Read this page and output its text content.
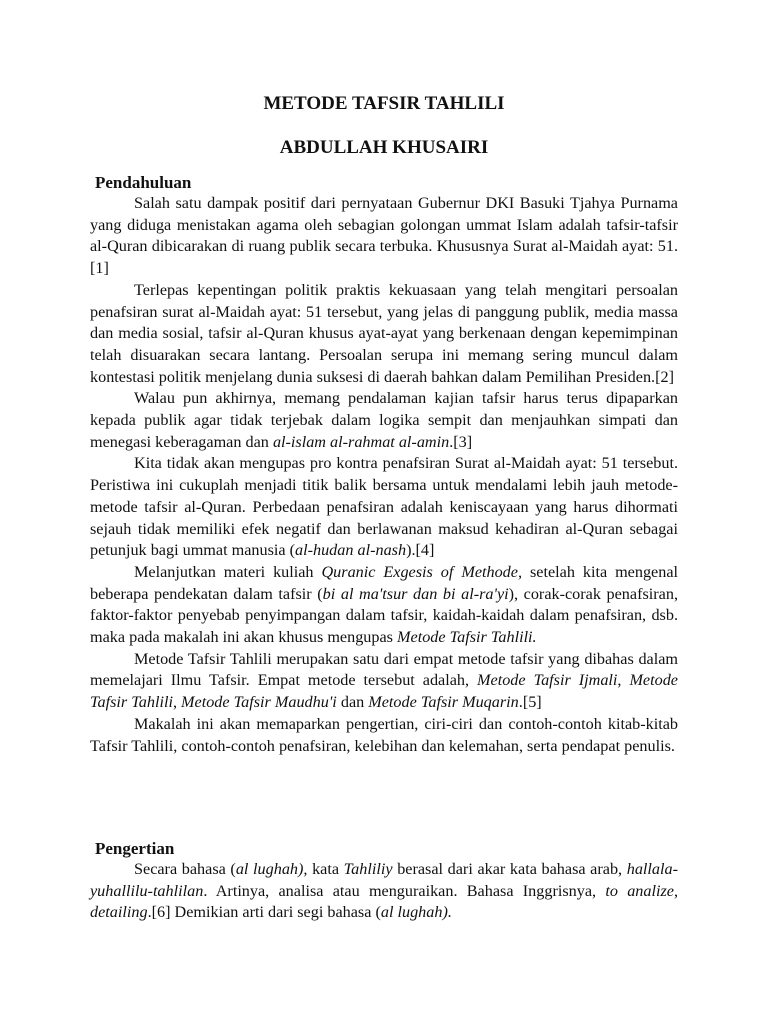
METODE TAFSIR TAHLILI
ABDULLAH KHUSAIRI
Pendahuluan

Salah satu dampak positif dari pernyataan Gubernur DKI Basuki Tjahya Purnama yang diduga menistakan agama oleh sebagian golongan ummat Islam adalah tafsir-tafsir al-Quran dibicarakan di ruang publik secara terbuka. Khususnya Surat al-Maidah ayat: 51.[1]

Terlepas kepentingan politik praktis kekuasaan yang telah mengitari persoalan penafsiran surat al-Maidah ayat: 51 tersebut, yang jelas di panggung publik, media massa dan media sosial, tafsir al-Quran khusus ayat-ayat yang berkenaan dengan kepemimpinan telah disuarakan secara lantang. Persoalan serupa ini memang sering muncul dalam kontestasi politik menjelang dunia suksesi di daerah bahkan dalam Pemilihan Presiden.[2]

Walau pun akhirnya, memang pendalaman kajian tafsir harus terus dipaparkan kepada publik agar tidak terjebak dalam logika sempit dan menjauhkan simpati dan menegasi keberagaman dan al-islam al-rahmat al-amin.[3]

Kita tidak akan mengupas pro kontra penafsiran Surat al-Maidah ayat: 51 tersebut. Peristiwa ini cukuplah menjadi titik balik bersama untuk mendalami lebih jauh metode-metode tafsir al-Quran. Perbedaan penafsiran adalah keniscayaan yang harus dihormati sejauh tidak memiliki efek negatif dan berlawanan maksud kehadiran al-Quran sebagai petunjuk bagi ummat manusia (al-hudan al-nash).[4]

Melanjutkan materi kuliah Quranic Exgesis of Methode, setelah kita mengenal beberapa pendekatan dalam tafsir (bi al ma'tsur dan bi al-ra'yi), corak-corak penafsiran, faktor-faktor penyebab penyimpangan dalam tafsir, kaidah-kaidah dalam penafsiran, dsb. maka pada makalah ini akan khusus mengupas Metode Tafsir Tahlili.

Metode Tafsir Tahlili merupakan satu dari empat metode tafsir yang dibahas dalam memelajari Ilmu Tafsir. Empat metode tersebut adalah, Metode Tafsir Ijmali, Metode Tafsir Tahlili, Metode Tafsir Maudhu'i dan Metode Tafsir Muqarin.[5]

Makalah ini akan memaparkan pengertian, ciri-ciri dan contoh-contoh kitab-kitab Tafsir Tahlili, contoh-contoh penafsiran, kelebihan dan kelemahan, serta pendapat penulis.

Pengertian

Secara bahasa (al lughah), kata Tahliliy berasal dari akar kata bahasa arab, hallala-yuhallilu-tahlilan. Artinya, analisa atau menguraikan. Bahasa Inggrisnya, to analize, detailing.[6] Demikian arti dari segi bahasa (al lughah).
